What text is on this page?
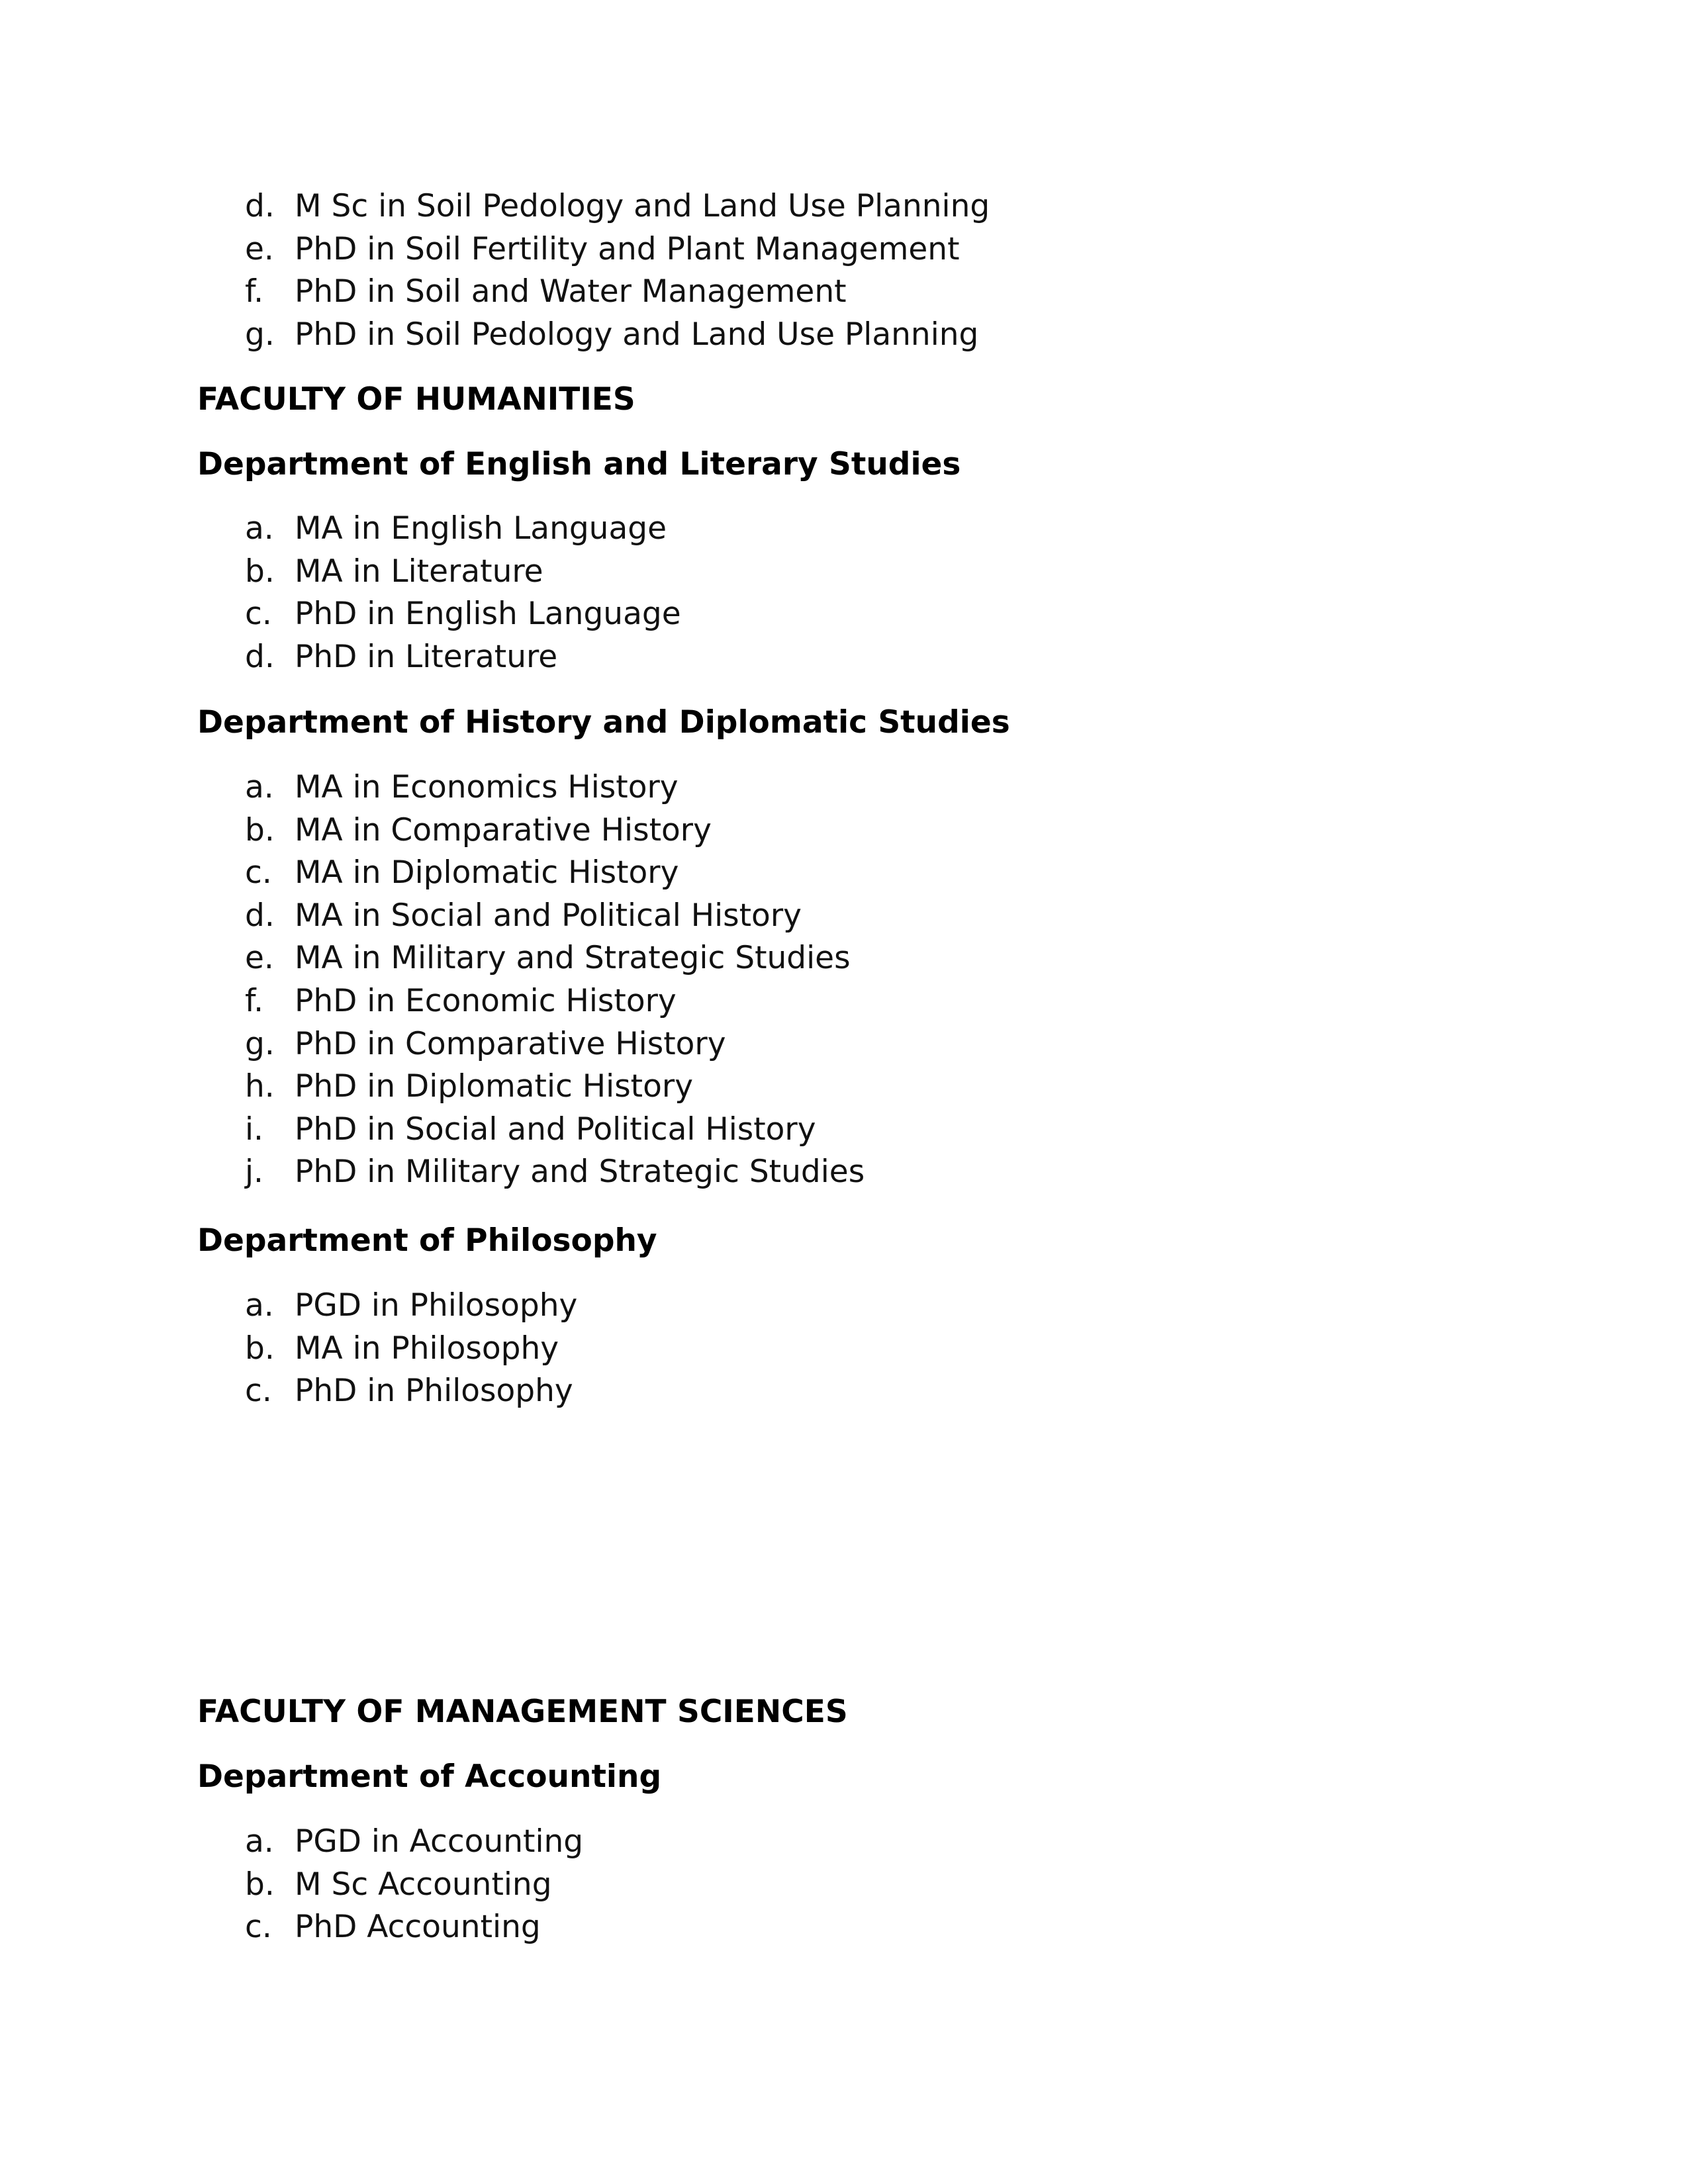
d. M Sc in Soil Pedology and Land Use Planning
e. PhD in Soil Fertility and Plant Management
f. PhD in Soil and Water Management
g. PhD in Soil Pedology and Land Use Planning
FACULTY OF HUMANITIES
Department of English and Literary Studies
a. MA in English Language
b. MA in Literature
c. PhD in English Language
d. PhD in Literature
Department of History and Diplomatic Studies
a. MA in Economics History
b. MA in Comparative History
c. MA in Diplomatic History
d. MA in Social and Political History
e. MA in Military and Strategic Studies
f. PhD in Economic History
g. PhD in Comparative History
h. PhD in Diplomatic History
i. PhD in Social and Political History
j. PhD in Military and Strategic Studies
Department of Philosophy
a. PGD in Philosophy
b. MA in Philosophy
c. PhD in Philosophy
FACULTY OF MANAGEMENT SCIENCES
Department of Accounting
a. PGD in Accounting
b. M Sc Accounting
c. PhD Accounting
